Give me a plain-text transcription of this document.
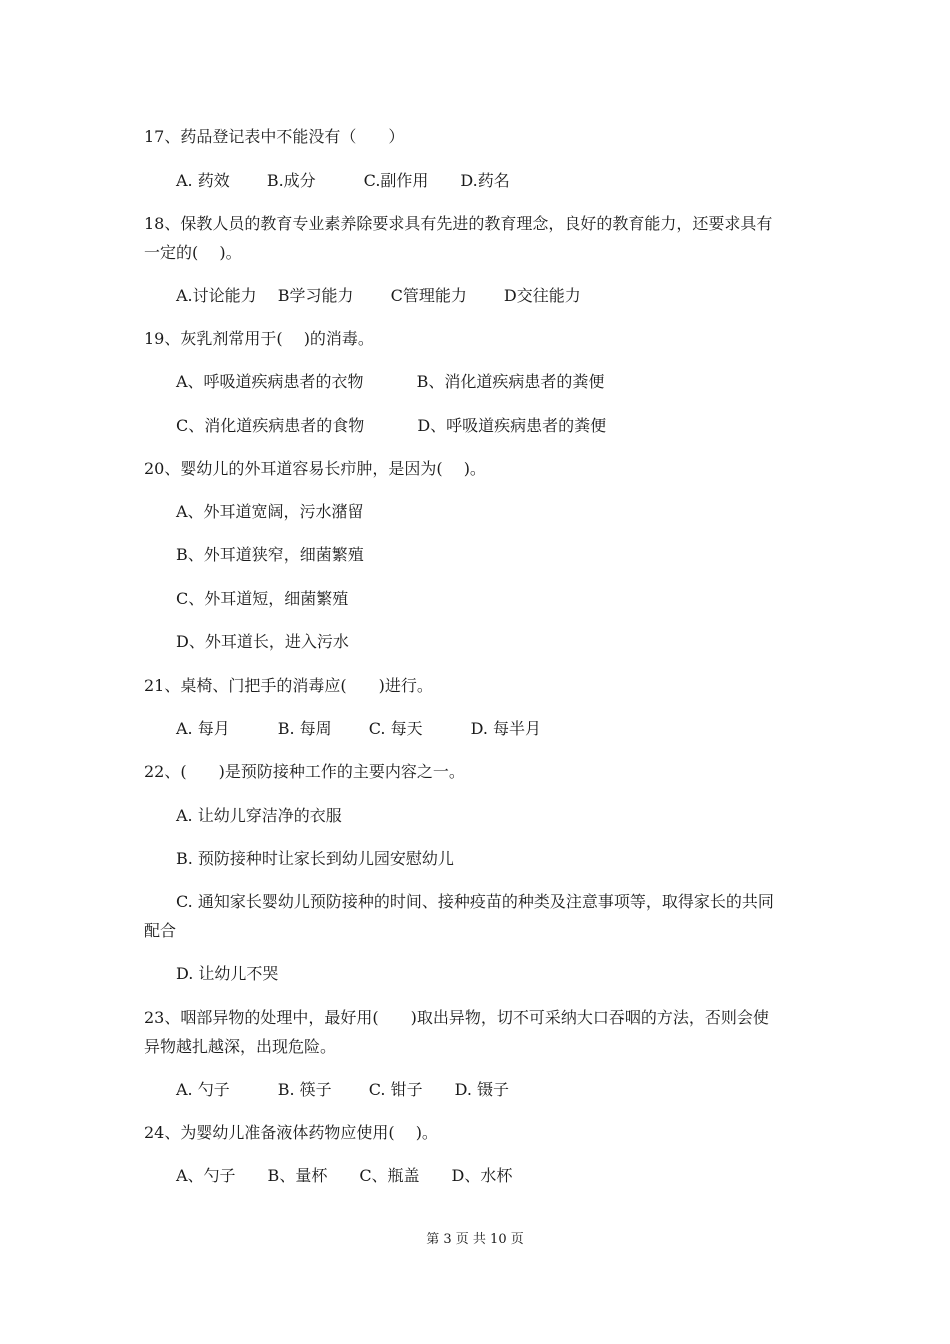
17、药品登记表中不能没有（　　）
A. 药效　　 B.成分　　　C.副作用　　D.药名
18、保教人员的教育专业素养除要求具有先进的教育理念，良好的教育能力，还要求具有
一定的(　 )。
A.讨论能力　 B学习能力　　 C管理能力　　 D交往能力
19、灰乳剂常用于(　 )的消毒。
A、呼吸道疾病患者的衣物　　　 B、消化道疾病患者的粪便
C、消化道疾病患者的食物　　　 D、呼吸道疾病患者的粪便
20、婴幼儿的外耳道容易长疖肿，是因为(　 )。
A、外耳道宽阔，污水潴留
B、外耳道狭窄，细菌繁殖
C、外耳道短，细菌繁殖
D、外耳道长，进入污水
21、桌椅、门把手的消毒应(　　)进行。
A. 每月　　　B. 每周　　 C. 每天　　　D. 每半月
22、(　　)是预防接种工作的主要内容之一。
A. 让幼儿穿洁净的衣服
B. 预防接种时让家长到幼儿园安慰幼儿
C. 通知家长婴幼儿预防接种的时间、接种疫苗的种类及注意事项等，取得家长的共同
配合
D. 让幼儿不哭
23、咽部异物的处理中，最好用(　　)取出异物，切不可采纳大口吞咽的方法，否则会使
异物越扎越深，出现危险。
A. 勺子　　　B. 筷子　　 C. 钳子　　D. 镊子
24、为婴幼儿准备液体药物应使用(　 )。
A、勺子　　B、量杯　　C、瓶盖　　D、水杯
第 3 页 共 10 页
